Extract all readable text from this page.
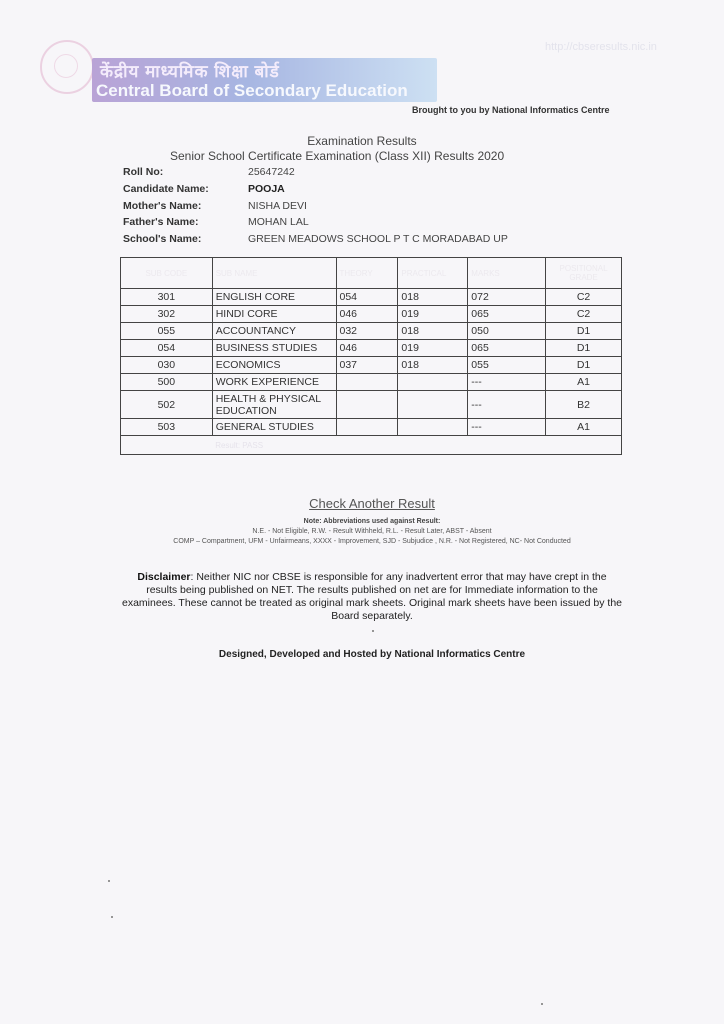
केंद्रीय माध्यमिक शिक्षा बोर्ड
Central Board of Secondary Education
http://cbseresults.nic.in
Brought to you by National Informatics Centre
Examination Results
Senior School Certificate Examination (Class XII) Results 2020
Roll No:	25647242
Candidate Name:	POOJA
Mother's Name:	NISHA DEVI
Father's Name:	MOHAN LAL
School's Name:	GREEN MEADOWS SCHOOL P T C MORADABAD UP
SUB CODE	SUB NAME	THEORY	PRACTICAL	MARKS	POSITIONAL GRADE
301	ENGLISH CORE	054	018	072	C2
302	HINDI CORE	046	019	065	C2
055	ACCOUNTANCY	032	018	050	D1
054	BUSINESS STUDIES	046	019	065	D1
030	ECONOMICS	037	018	055	D1
500	WORK EXPERIENCE			---	A1
502	HEALTH & PHYSICAL EDUCATION			---	B2
503	GENERAL STUDIES			---	A1
	Result: PASS				
Check Another Result
Note: Abbreviations used against Result:
N.E. - Not Eligible, R.W. - Result Withheld, R.L. - Result Later, ABST - Absent
COMP – Compartment, UFM - Unfairmeans, XXXX - Improvement, SJD - Subjudice , N.R. - Not Registered, NC- Not Conducted
Disclaimer: Neither NIC nor CBSE is responsible for any inadvertent error that may have crept in the results being published on NET. The results published on net are for Immediate information to the examinees. These cannot be treated as original mark sheets. Original mark sheets have been issued by the Board separately.
Designed, Developed and Hosted by National Informatics Centre
